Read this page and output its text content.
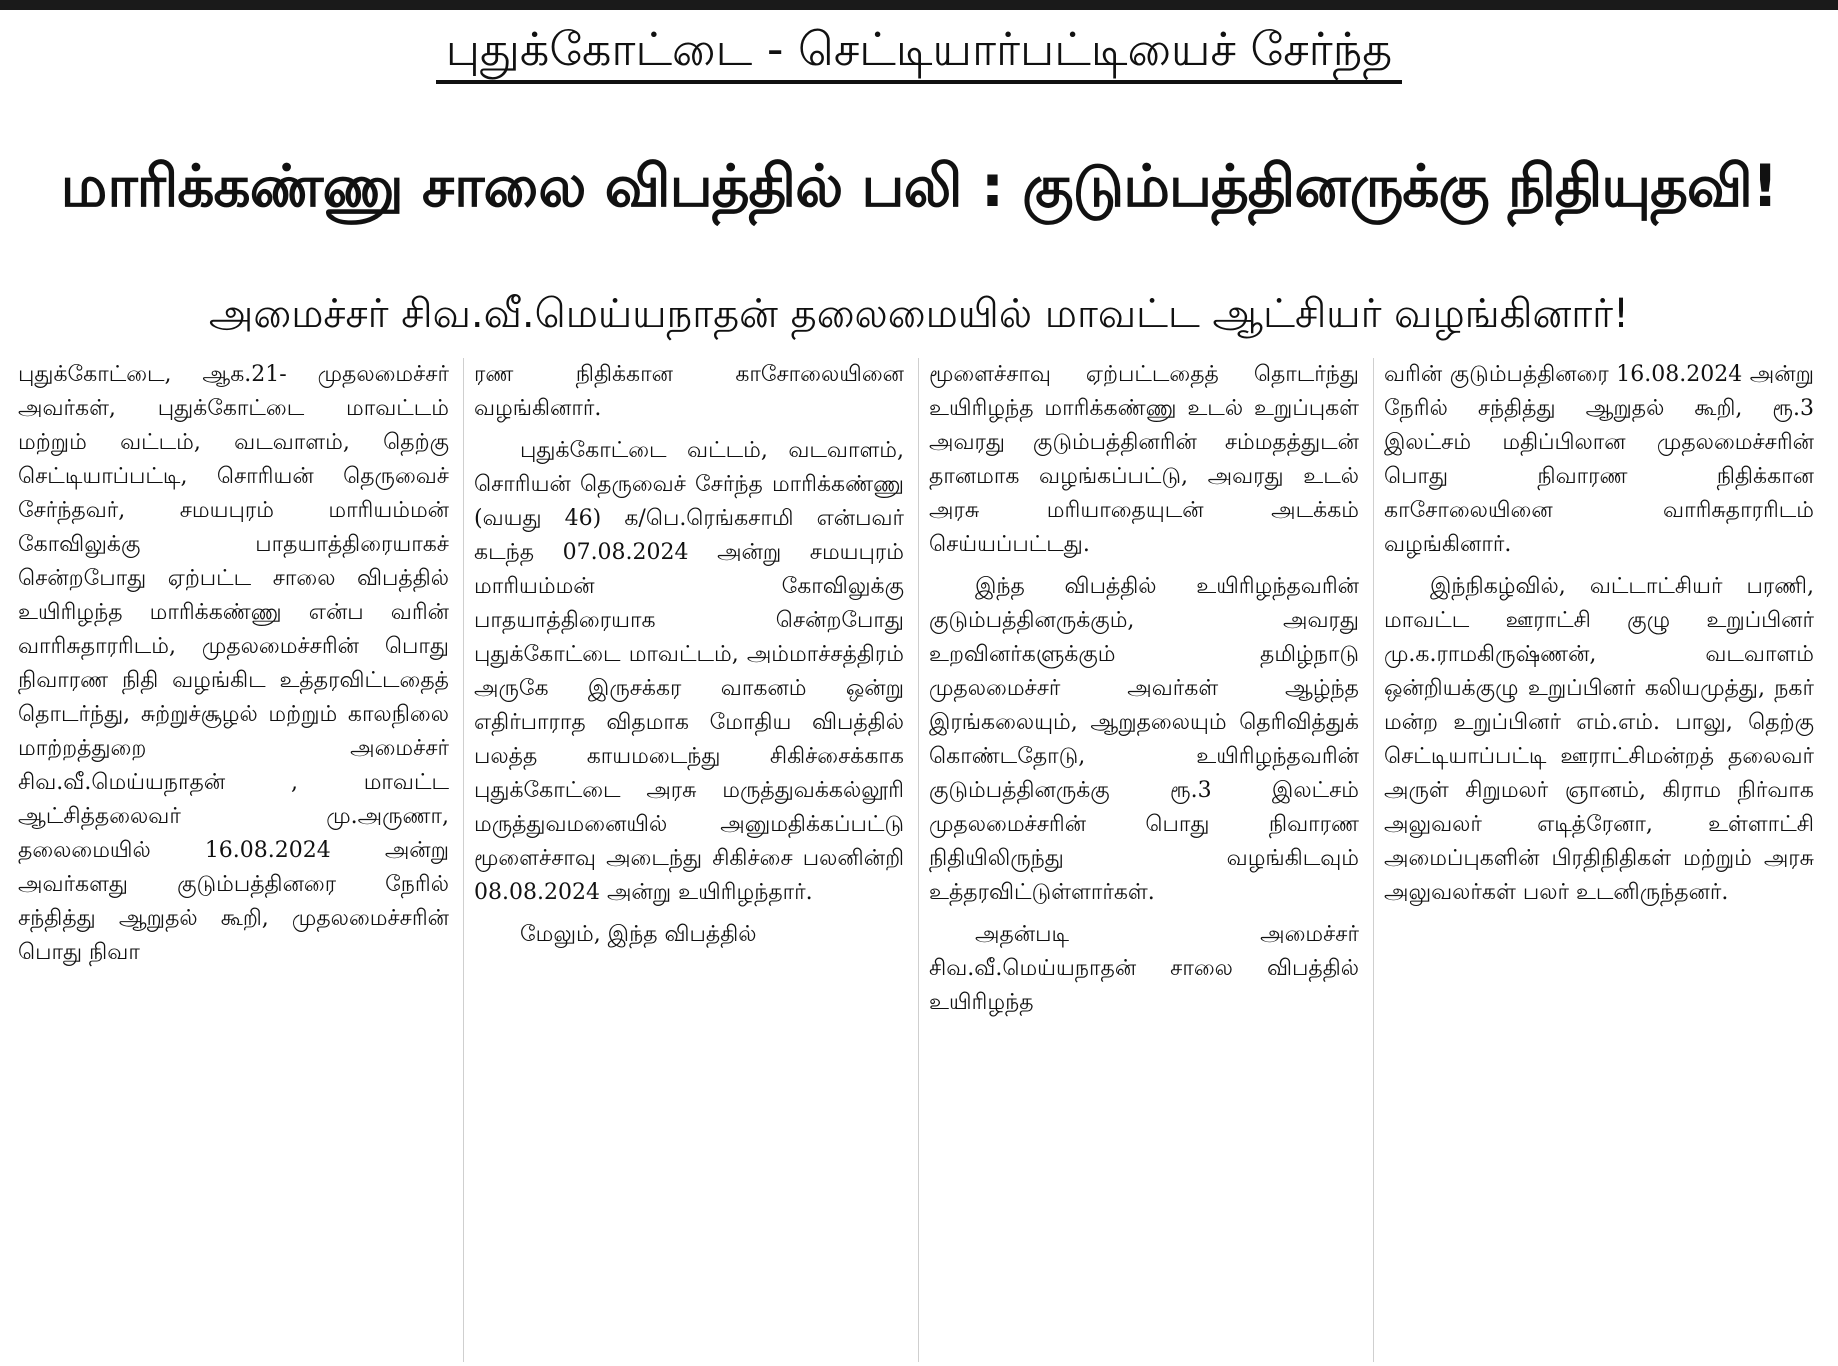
புதுக்கோட்டை - செட்டியார்பட்டியைச் சேர்ந்த
மாரிக்கண்ணு சாலை விபத்தில் பலி : குடும்பத்தினருக்கு நிதியுதவி!
அமைச்சர் சிவ.வீ.மெய்யநாதன் தலைமையில் மாவட்ட ஆட்சியர் வழங்கினார்!

புதுக்கோட்டை, ஆக.21- முதலமைச்சர் அவர்கள், புதுக்கோட்டை மாவட்டம் மற்றும் வட்டம், வடவாளம், தெற்கு செட்டியாப்பட்டி, சொரியன் தெருவைச் சேர்ந்தவர், சமயபுரம் மாரியம்மன் கோவிலுக்கு பாதயாத்திரையாகச் சென்றபோது ஏற்பட்ட சாலை விபத்தில் உயிரிழந்த மாரிக்கண்ணு என்ப வரின் வாரிசுதாரரிடம், முதலமைச்சரின் பொது நிவாரண நிதி வழங்கிட உத்தரவிட்டதைத் தொடர்ந்து, சுற்றுச்சூழல் மற்றும் காலநிலை மாற்றத்துறை அமைச்சர் சிவ.வீ.மெய்யநாதன் , மாவட்ட ஆட்சித்தலைவர் மு.அருணா, தலைமையில் 16.08.2024 அன்று அவர்களது குடும்பத்தினரை நேரில் சந்தித்து ஆறுதல் கூறி, முதலமைச்சரின் பொது நிவா

ரண நிதிக்கான காசோலையினை வழங்கினார்.

புதுக்கோட்டை வட்டம், வடவாளம், சொரியன் தெருவைச் சேர்ந்த மாரிக்கண்ணு (வயது 46) க/பெ.ரெங்கசாமி என்பவர் கடந்த 07.08.2024 அன்று சமயபுரம் மாரியம்மன் கோவிலுக்கு பாதயாத்திரையாக சென்றபோது புதுக்கோட்டை மாவட்டம், அம்மாச்சத்திரம் அருகே இருசக்கர வாகனம் ஒன்று எதிர்பாராத விதமாக மோதிய விபத்தில் பலத்த காயமடைந்து சிகிச்சைக்காக புதுக்கோட்டை அரசு மருத்துவக்கல்லூரி மருத்துவமனையில் அனுமதிக்கப்பட்டு மூளைச்சாவு அடைந்து சிகிச்சை பலனின்றி 08.08.2024 அன்று உயிரிழந்தார்.

மேலும், இந்த விபத்தில்

மூளைச்சாவு ஏற்பட்டதைத் தொடர்ந்து உயிரிழந்த மாரிக்கண்ணு உடல் உறுப்புகள் அவரது குடும்பத்தினரின் சம்மதத்துடன் தானமாக வழங்கப்பட்டு, அவரது உடல் அரசு மரியாதையுடன் அடக்கம் செய்யப்பட்டது.

இந்த விபத்தில் உயிரிழந்தவரின் குடும்பத்தினருக்கும், அவரது உறவினர்களுக்கும் தமிழ்நாடு முதலமைச்சர் அவர்கள் ஆழ்ந்த இரங்கலையும், ஆறுதலையும் தெரிவித்துக் கொண்டதோடு, உயிரிழந்தவரின் குடும்பத்தினருக்கு ரூ.3 இலட்சம் முதலமைச்சரின் பொது நிவாரண நிதியிலிருந்து வழங்கிடவும் உத்தரவிட்டுள்ளார்கள்.

அதன்படி அமைச்சர் சிவ.வீ.மெய்யநாதன் சாலை விபத்தில் உயிரிழந்த

வரின் குடும்பத்தினரை 16.08.2024 அன்று நேரில் சந்தித்து ஆறுதல் கூறி, ரூ.3 இலட்சம் மதிப்பிலான முதலமைச்சரின் பொது நிவாரண நிதிக்கான காசோலையினை வாரிசுதாரரிடம் வழங்கினார்.

இந்நிகழ்வில், வட்டாட்சியர் பரணி, மாவட்ட ஊராட்சி குழு உறுப்பினர் மு.க.ராமகிருஷ்ணன், வடவாளம் ஒன்றியக்குழு உறுப்பினர் கலியமுத்து, நகர் மன்ற உறுப்பினர் எம்.எம். பாலு, தெற்கு செட்டியாப்பட்டி ஊராட்சிமன்றத் தலைவர் அருள் சிறுமலர் ஞானம், கிராம நிர்வாக அலுவலர் எடித்ரேனா, உள்ளாட்சி அமைப்புகளின் பிரதிநிதிகள் மற்றும் அரசு அலுவலர்கள் பலர் உடனிருந்தனர்.
